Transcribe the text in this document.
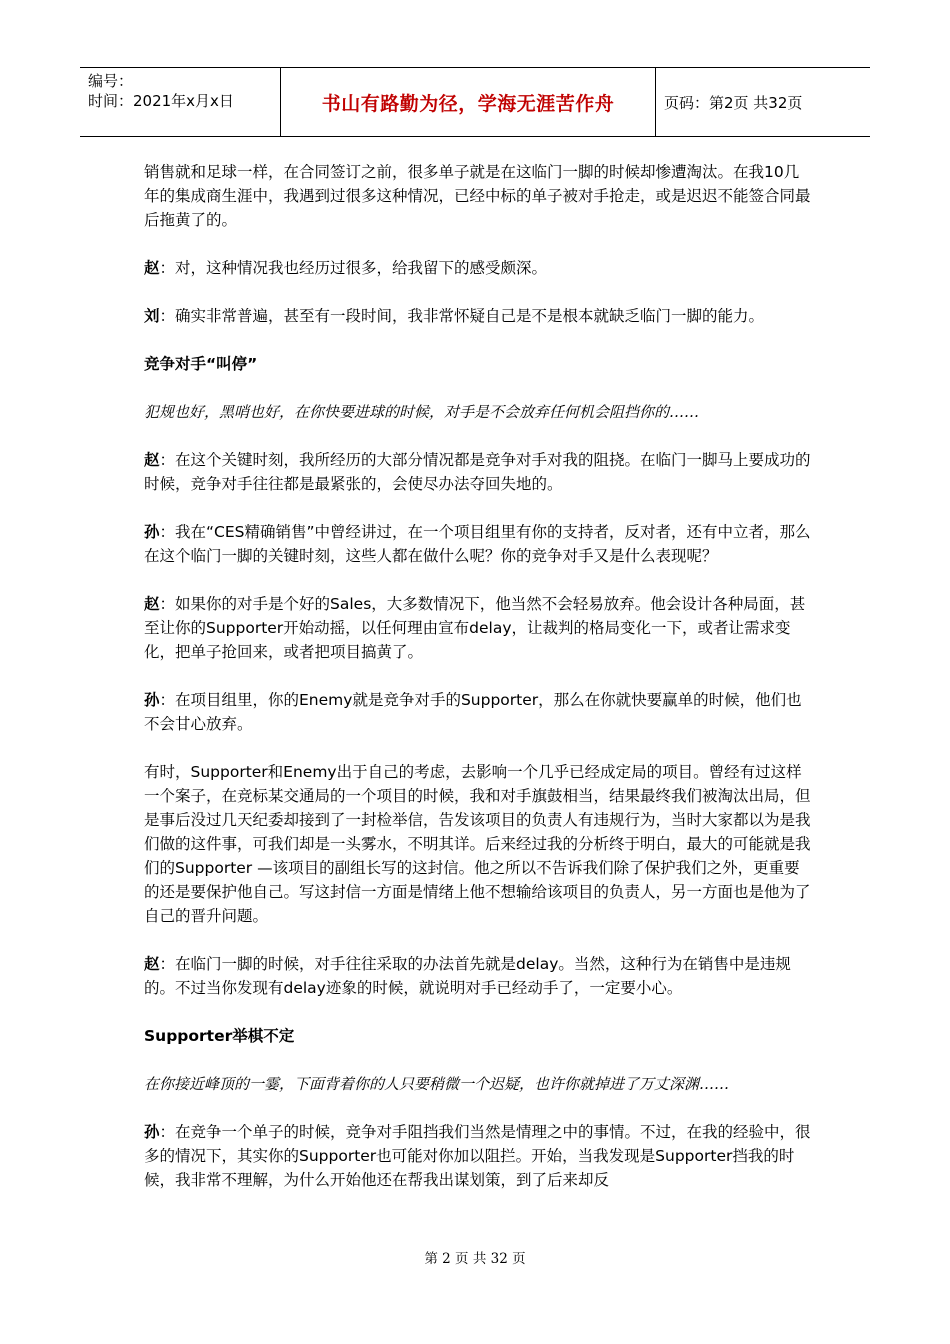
编号：
时间：2021年x月x日	书山有路勤为径，学海无涯苦作舟	页码：第2页 共32页

销售就和足球一样，在合同签订之前，很多单子就是在这临门一脚的时候却惨遭淘汰。在我10几年的集成商生涯中，我遇到过很多这种情况，已经中标的单子被对手抢走，或是迟迟不能签合同最后拖黄了的。

赵：对，这种情况我也经历过很多，给我留下的感受颇深。

刘：确实非常普遍，甚至有一段时间，我非常怀疑自己是不是根本就缺乏临门一脚的能力。

竞争对手“叫停”

犯规也好，黑哨也好，在你快要进球的时候，对手是不会放弃任何机会阻挡你的……

赵：在这个关键时刻，我所经历的大部分情况都是竞争对手对我的阻挠。在临门一脚马上要成功的时候，竞争对手往往都是最紧张的，会使尽办法夺回失地的。

孙：我在“CES精确销售”中曾经讲过，在一个项目组里有你的支持者，反对者，还有中立者，那么在这个临门一脚的关键时刻，这些人都在做什么呢？你的竞争对手又是什么表现呢？

赵：如果你的对手是个好的Sales，大多数情况下，他当然不会轻易放弃。他会设计各种局面，甚至让你的Supporter开始动摇，以任何理由宣布delay，让裁判的格局变化一下，或者让需求变化，把单子抢回来，或者把项目搞黄了。

孙：在项目组里，你的Enemy就是竞争对手的Supporter，那么在你就快要赢单的时候，他们也不会甘心放弃。

有时，Supporter和Enemy出于自己的考虑，去影响一个几乎已经成定局的项目。曾经有过这样一个案子，在竞标某交通局的一个项目的时候，我和对手旗鼓相当，结果最终我们被淘汰出局，但是事后没过几天纪委却接到了一封检举信，告发该项目的负责人有违规行为，当时大家都以为是我们做的这件事，可我们却是一头雾水，不明其详。后来经过我的分析终于明白，最大的可能就是我们的Supporter —该项目的副组长写的这封信。他之所以不告诉我们除了保护我们之外，更重要的还是要保护他自己。写这封信一方面是情绪上他不想输给该项目的负责人，另一方面也是他为了自己的晋升问题。

赵：在临门一脚的时候，对手往往采取的办法首先就是delay。当然，这种行为在销售中是违规的。不过当你发现有delay迹象的时候，就说明对手已经动手了，一定要小心。

Supporter举棋不定

在你接近峰顶的一霎，下面背着你的人只要稍微一个迟疑，也许你就掉进了万丈深渊……

孙：在竞争一个单子的时候，竞争对手阻挡我们当然是情理之中的事情。不过，在我的经验中，很多的情况下，其实你的Supporter也可能对你加以阻拦。开始，当我发现是Supporter挡我的时候，我非常不理解，为什么开始他还在帮我出谋划策，到了后来却反

第 2 页 共 32 页
